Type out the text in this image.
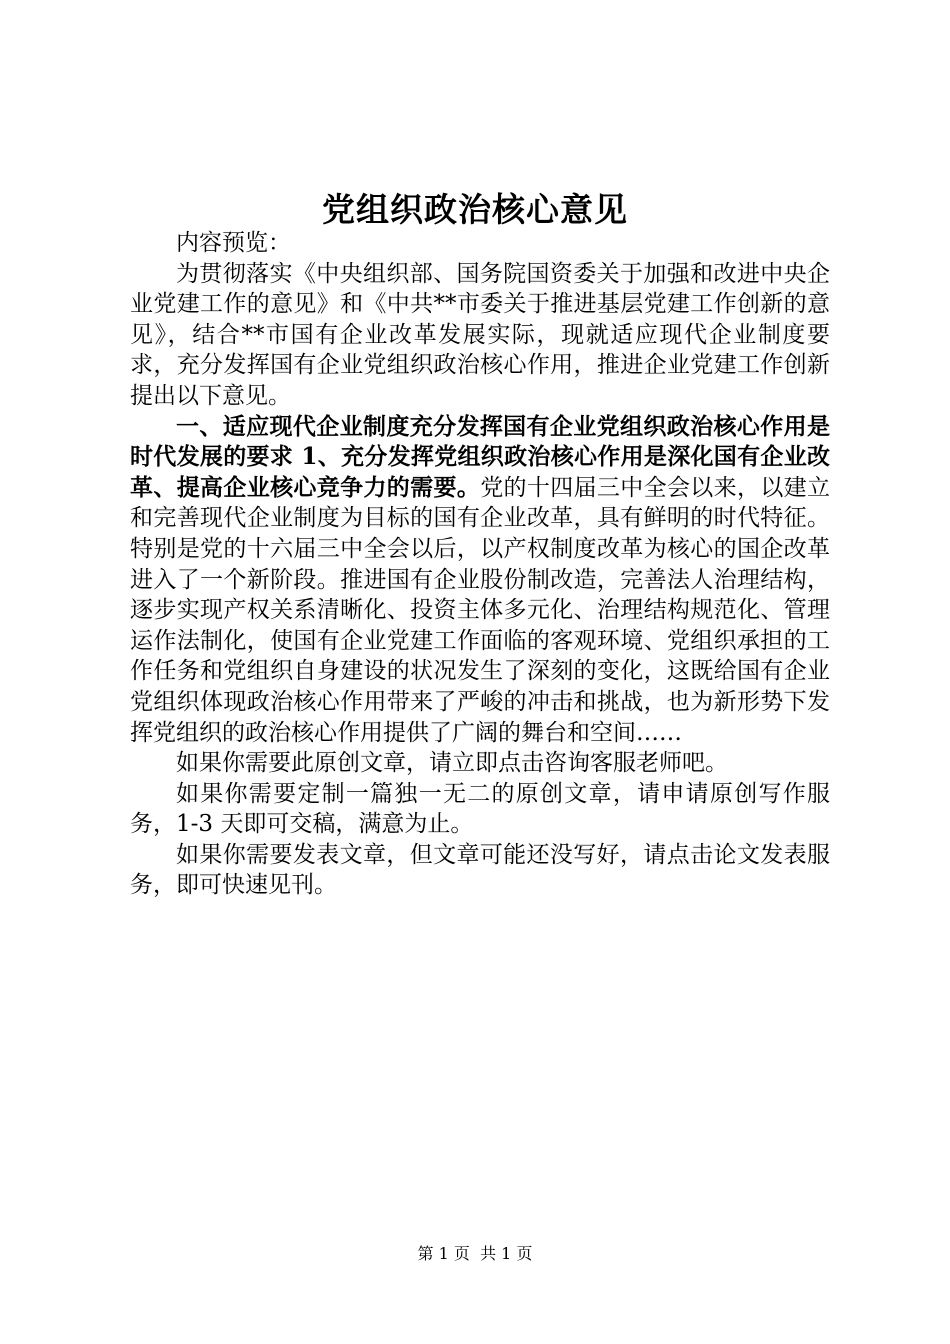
党组织政治核心意见

内容预览：

为贯彻落实《中央组织部、国务院国资委关于加强和改进中央企业党建工作的意见》和《中共**市委关于推进基层党建工作创新的意见》，结合**市国有企业改革发展实际，现就适应现代企业制度要求，充分发挥国有企业党组织政治核心作用，推进企业党建工作创新提出以下意见。

一、适应现代企业制度充分发挥国有企业党组织政治核心作用是时代发展的要求 1、充分发挥党组织政治核心作用是深化国有企业改革、提高企业核心竞争力的需要。党的十四届三中全会以来，以建立和完善现代企业制度为目标的国有企业改革，具有鲜明的时代特征。特别是党的十六届三中全会以后，以产权制度改革为核心的国企改革进入了一个新阶段。推进国有企业股份制改造，完善法人治理结构，逐步实现产权关系清晰化、投资主体多元化、治理结构规范化、管理运作法制化，使国有企业党建工作面临的客观环境、党组织承担的工作任务和党组织自身建设的状况发生了深刻的变化，这既给国有企业党组织体现政治核心作用带来了严峻的冲击和挑战，也为新形势下发挥党组织的政治核心作用提供了广阔的舞台和空间……

如果你需要此原创文章，请立即点击咨询客服老师吧。

如果你需要定制一篇独一无二的原创文章，请申请原创写作服务，1-3 天即可交稿，满意为止。

如果你需要发表文章，但文章可能还没写好，请点击论文发表服务，即可快速见刊。

第 1 页  共 1 页
